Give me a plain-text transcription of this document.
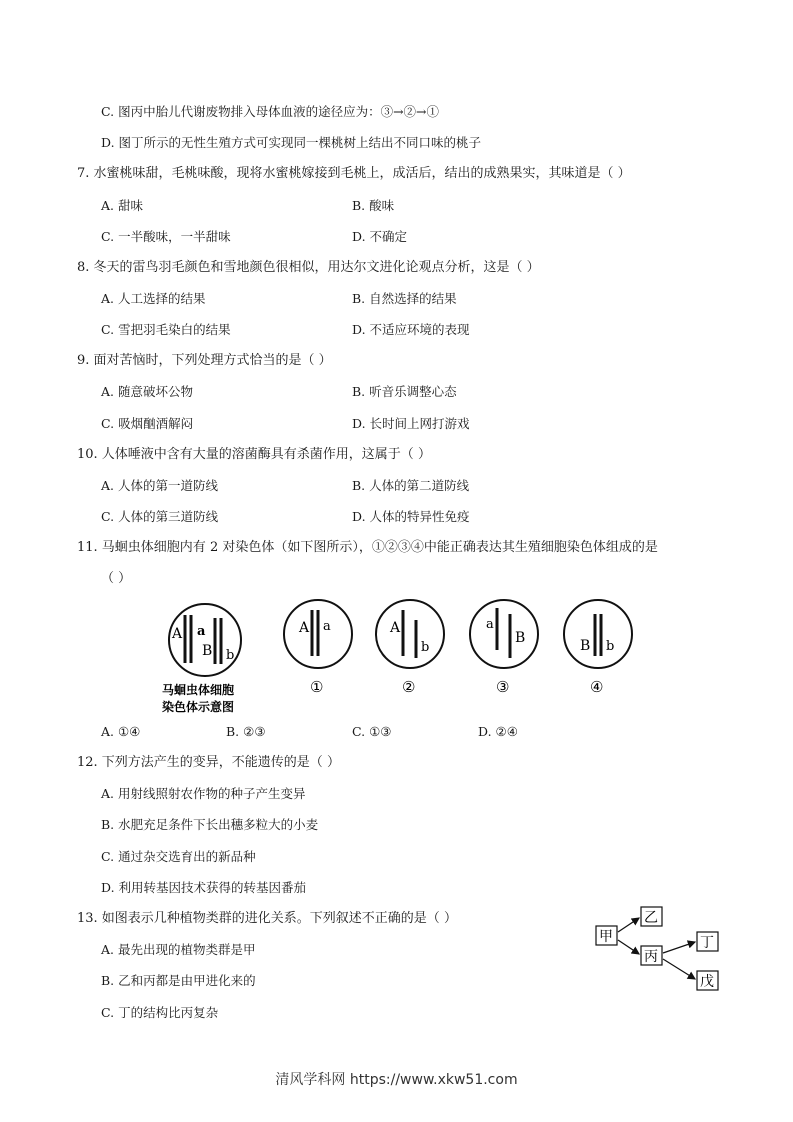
C. 图丙中胎儿代谢废物排入母体血液的途径应为：③→②→①
D. 图丁所示的无性生殖方式可实现同一棵桃树上结出不同口味的桃子
7. 水蜜桃味甜，毛桃味酸，现将水蜜桃嫁接到毛桃上，成活后，结出的成熟果实，其味道是（ ）
A. 甜味	B. 酸味
C. 一半酸味，一半甜味	D. 不确定
8. 冬天的雷鸟羽毛颜色和雪地颜色很相似，用达尔文进化论观点分析，这是（ ）
A. 人工选择的结果	B. 自然选择的结果
C. 雪把羽毛染白的结果	D. 不适应环境的表现
9. 面对苦恼时，下列处理方式恰当的是（ ）
A. 随意破坏公物	B. 听音乐调整心态
C. 吸烟酗酒解闷	D. 长时间上网打游戏
10. 人体唾液中含有大量的溶菌酶具有杀菌作用，这属于（ ）
A. 人体的第一道防线	B. 人体的第二道防线
C. 人体的第三道防线	D. 人体的特异性免疫
11. 马蛔虫体细胞内有 2 对染色体（如下图所示），①②③④中能正确表达其生殖细胞染色体组成的是
（ ）
A a
B b
马蛔虫体细胞
染色体示意图
A a
①
A
b
②
a
B
③
B b
④
A. ①④	B. ②③	C. ①③	D. ②④
12. 下列方法产生的变异，不能遗传的是（ ）
A. 用射线照射农作物的种子产生变异
B. 水肥充足条件下长出穗多粒大的小麦
C. 通过杂交选育出的新品种
D. 利用转基因技术获得的转基因番茄
13. 如图表示几种植物类群的进化关系。下列叙述不正确的是（ ）
A. 最先出现的植物类群是甲
B. 乙和丙都是由甲进化来的
C. 丁的结构比丙复杂
甲
乙
丙
丁
戊
清风学科网 https://www.xkw51.com
